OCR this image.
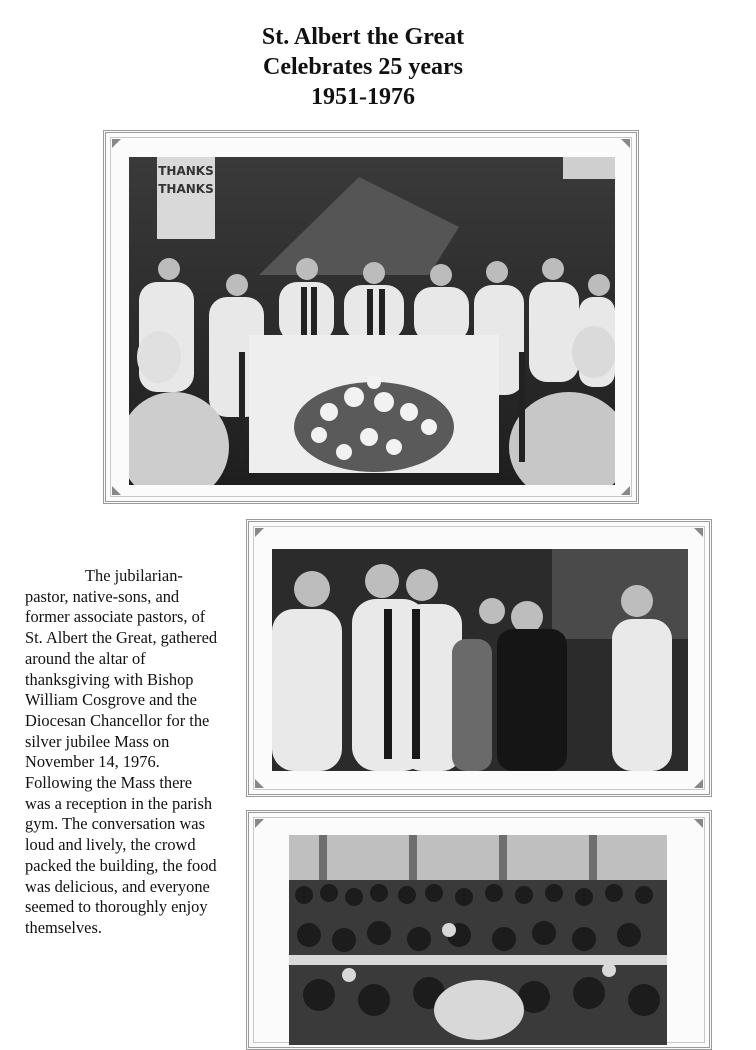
St. Albert the Great
Celebrates 25 years
1951-1976
THANKS
THANKS
The jubilarian-pastor, native-sons, and former associate pastors, of St. Albert the Great, gathered around the altar of thanksgiving with Bishop William Cosgrove and the Diocesan Chancellor for the silver jubilee Mass on November 14, 1976. Following the Mass there was a reception in the parish gym. The conversation was loud and lively, the crowd packed the building, the food was delicious, and everyone seemed to thoroughly enjoy themselves.
